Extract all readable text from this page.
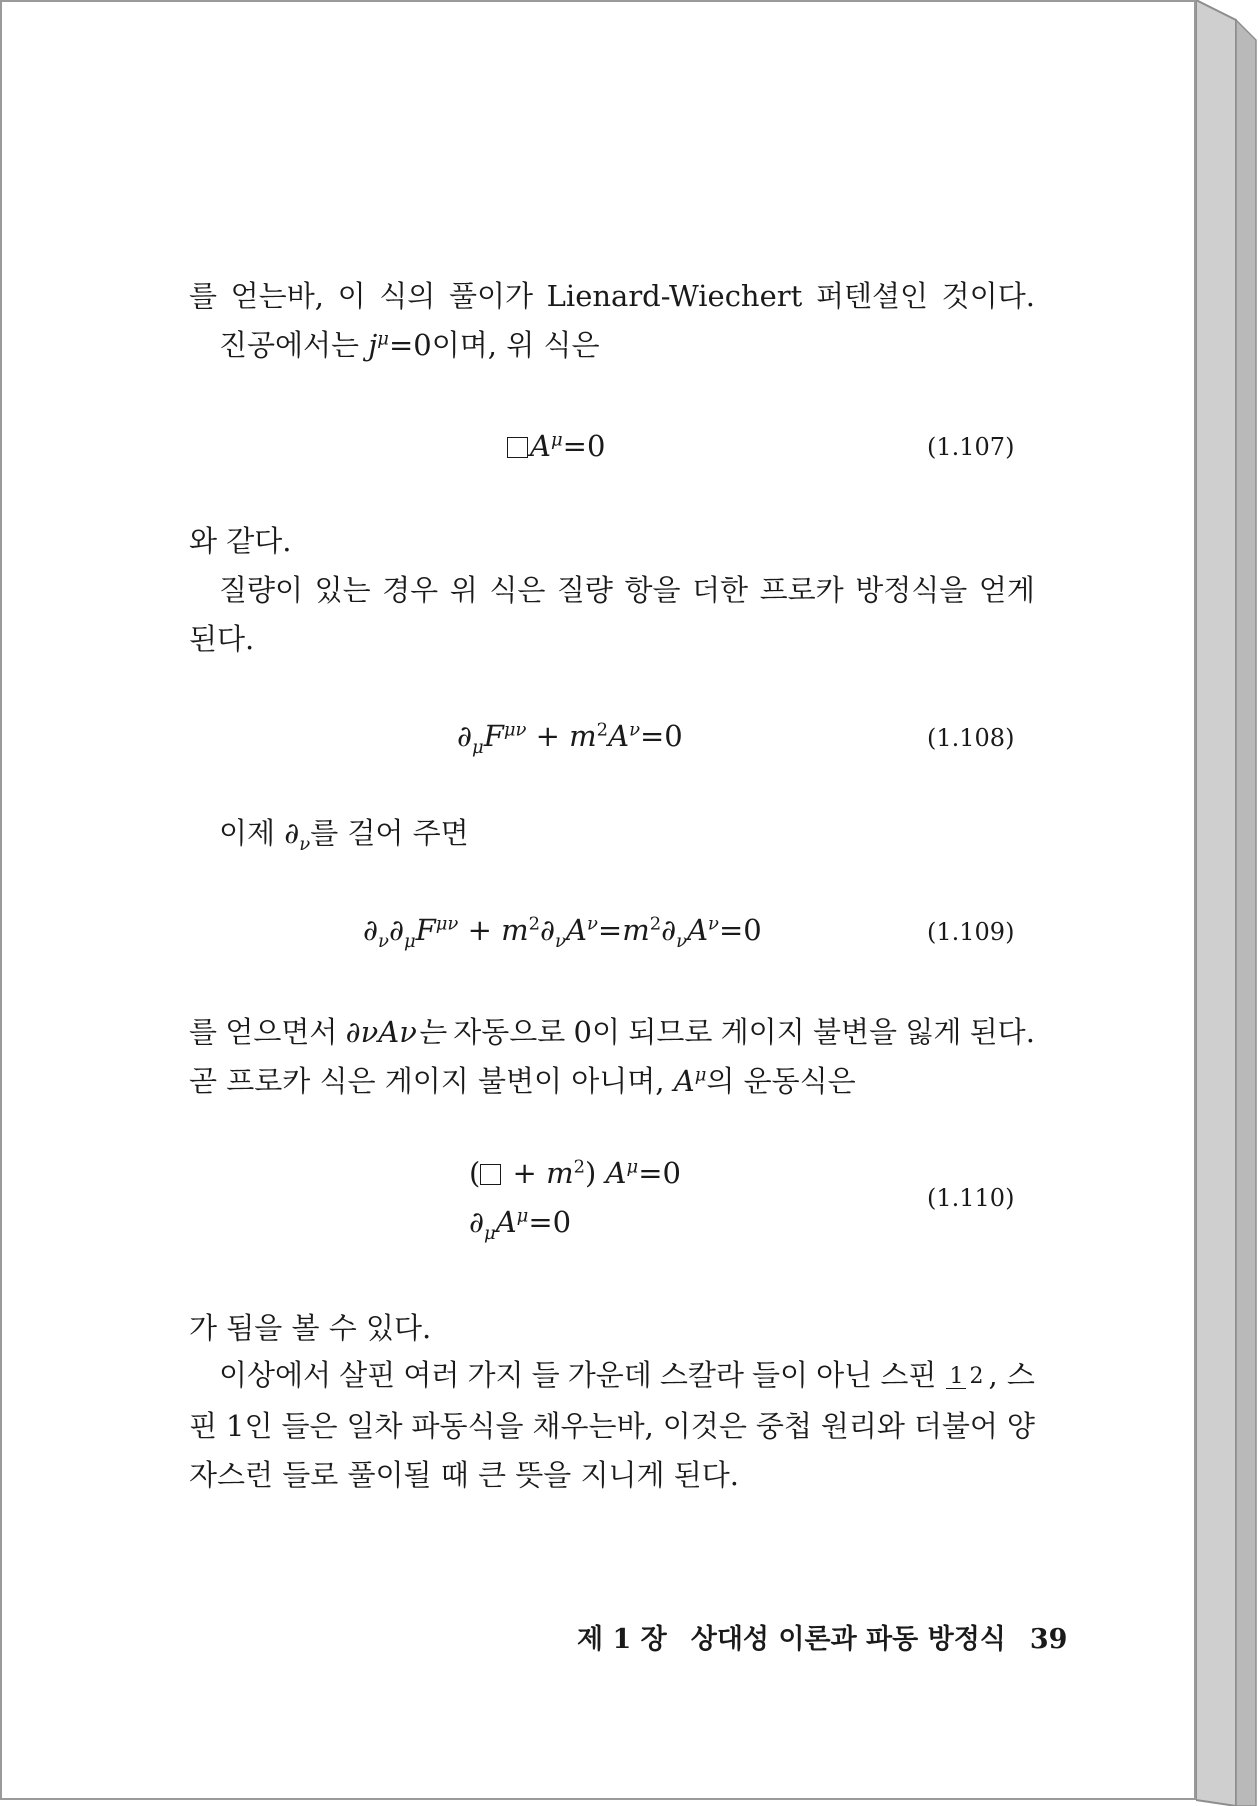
를 얻는바, 이 식의 풀이가 Lienard-Wiechert 퍼텐셜인 것이다.
진공에서는 $j^\mu=0$이며, 위 식은
와 같다.
질량이 있는 경우 위 식은 질량 항을 더한 프로카 방정식을 얻게
된다.
이제 $\partial_\nu$를 걸어 주면
를 얻으면서 ∂νAν는 자동으로 0이 되므로 게이지 불변을 잃게 된다.
곧 프로카 식은 게이지 불변이 아니며, $A^\mu$의 운동식은
가 됨을 볼 수 있다.
이상에서 살핀 여러 가지 들 가운데 스칼라 들이 아닌 스핀 1 2 , 스
핀 1인 들은 일차 파동식을 채우는바, 이것은 중첩 원리와 더불어 양
자스런 들로 풀이될 때 큰 뜻을 지니게 된다.
$A^\mu=0$	(1.107)
$\partial_\mu F^{\mu\nu} + m^2A^\nu=0$	(1.108)
$\partial_\nu\partial_\mu F^{\mu\nu} + m^2\partial_\nu A^\nu=m^2\partial_\nu A^\nu=0$	(1.109)
( + $m^2$) $A^\mu=0$
$\partial_\mu A^\mu=0$
(1.110)
제 1 장 상대성 이론과 파동 방정식 39
